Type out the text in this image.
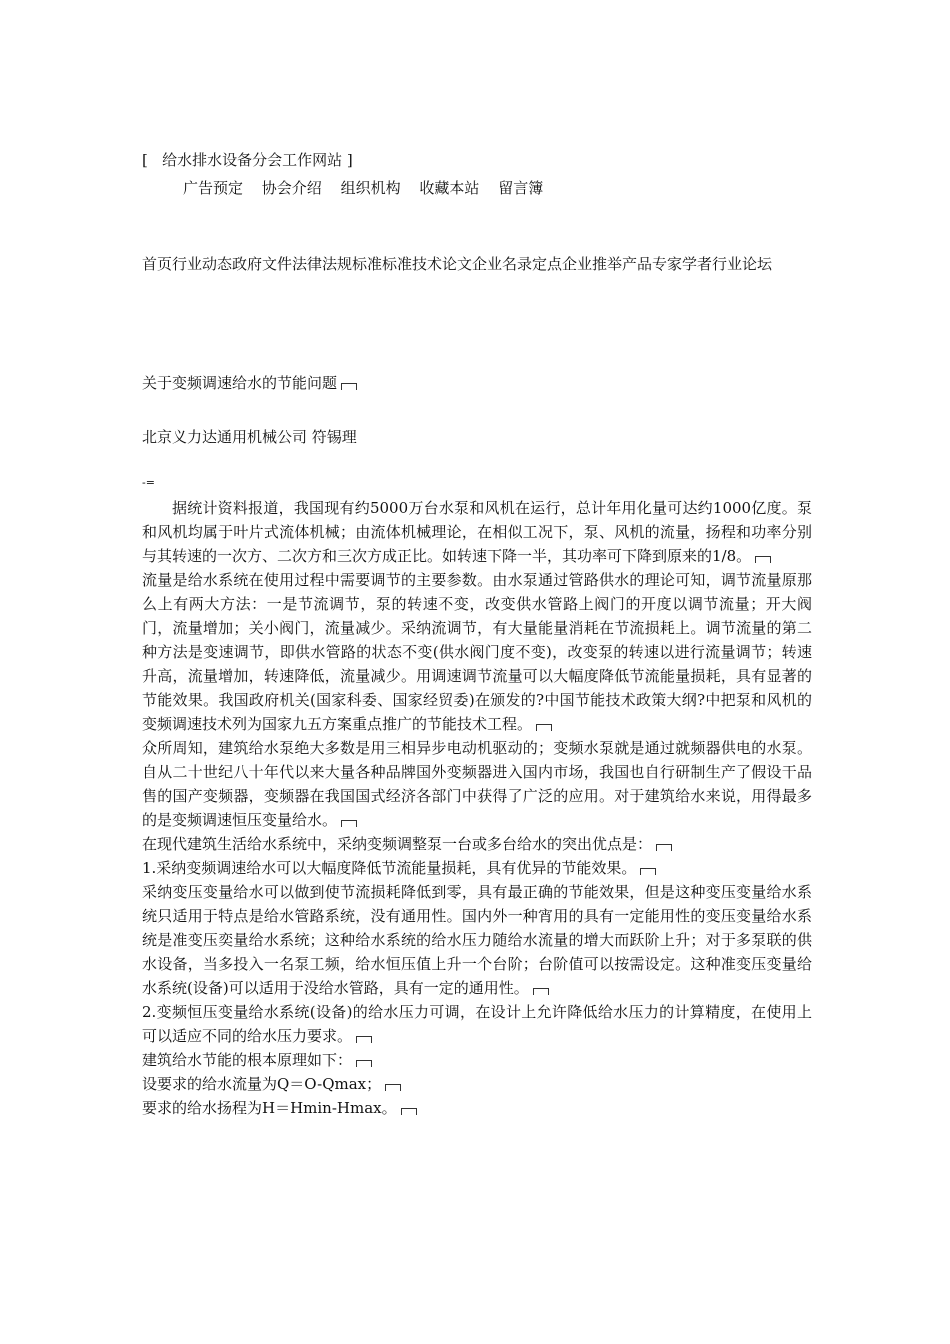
[   给水排水设备分会工作网站 ]
广告预定 协会介绍 组织机构 收藏本站 留言簿
首页行业动态政府文件法律法规标准标准技术论文企业名录定点企业推举产品专家学者行业论坛
关于变频调速给水的节能问题
北京义力达通用机械公司 符锡理
-=

据统计资料报道，我国现有约5000万台水泵和风机在运行，总计年用化量可达约1000亿度。泵和风机均属于叶片式流体机械；由流体机械理论，在相似工况下，泵、风机的流量，扬程和功率分别与其转速的一次方、二次方和三次方成正比。如转速下降一半，其功率可下降到原来的1/8。

流量是给水系统在使用过程中需要调节的主要参数。由水泵通过管路供水的理论可知，调节流量原那么上有两大方法：一是节流调节，泵的转速不变，改变供水管路上阀门的开度以调节流量；开大阀门，流量增加；关小阀门，流量减少。采纳流调节，有大量能量消耗在节流损耗上。调节流量的第二种方法是变速调节，即供水管路的状态不变(供水阀门度不变)，改变泵的转速以进行流量调节；转速升高，流量增加，转速降低，流量减少。用调速调节流量可以大幅度降低节流能量损耗，具有显著的节能效果。我国政府机关(国家科委、国家经贸委)在颁发的?中国节能技术政策大纲?中把泵和风机的变频调速技术列为国家九五方案重点推广的节能技术工程。

众所周知，建筑给水泵绝大多数是用三相异步电动机驱动的；变频水泵就是通过就频器供电的水泵。自从二十世纪八十年代以来大量各种品牌国外变频器进入国内市场，我国也自行研制生产了假设干品售的国产变频器，变频器在我国国式经济各部门中获得了广泛的应用。对于建筑给水来说，用得最多的是变频调速恒压变量给水。

在现代建筑生活给水系统中，采纳变频调整泵一台或多台给水的突出优点是：

1.采纳变频调速给水可以大幅度降低节流能量损耗，具有优异的节能效果。

采纳变压变量给水可以做到使节流损耗降低到零，具有最正确的节能效果，但是这种变压变量给水系统只适用于特点是给水管路系统，没有通用性。国内外一种宵用的具有一定能用性的变压变量给水系统是准变压奕量给水系统；这种给水系统的给水压力随给水流量的增大而跃阶上升；对于多泵联的供水设备，当多投入一名泵工频，给水恒压值上升一个台阶；台阶值可以按需设定。这种准变压变量给水系统(设备)可以适用于没给水管路，具有一定的通用性。

2.变频恒压变量给水系统(设备)的给水压力可调，在设计上允许降低给水压力的计算精度，在使用上可以适应不同的给水压力要求。

建筑给水节能的根本原理如下：

设要求的给水流量为Q＝O-Qmax；

要求的给水扬程为H＝Hmin-Hmax。
